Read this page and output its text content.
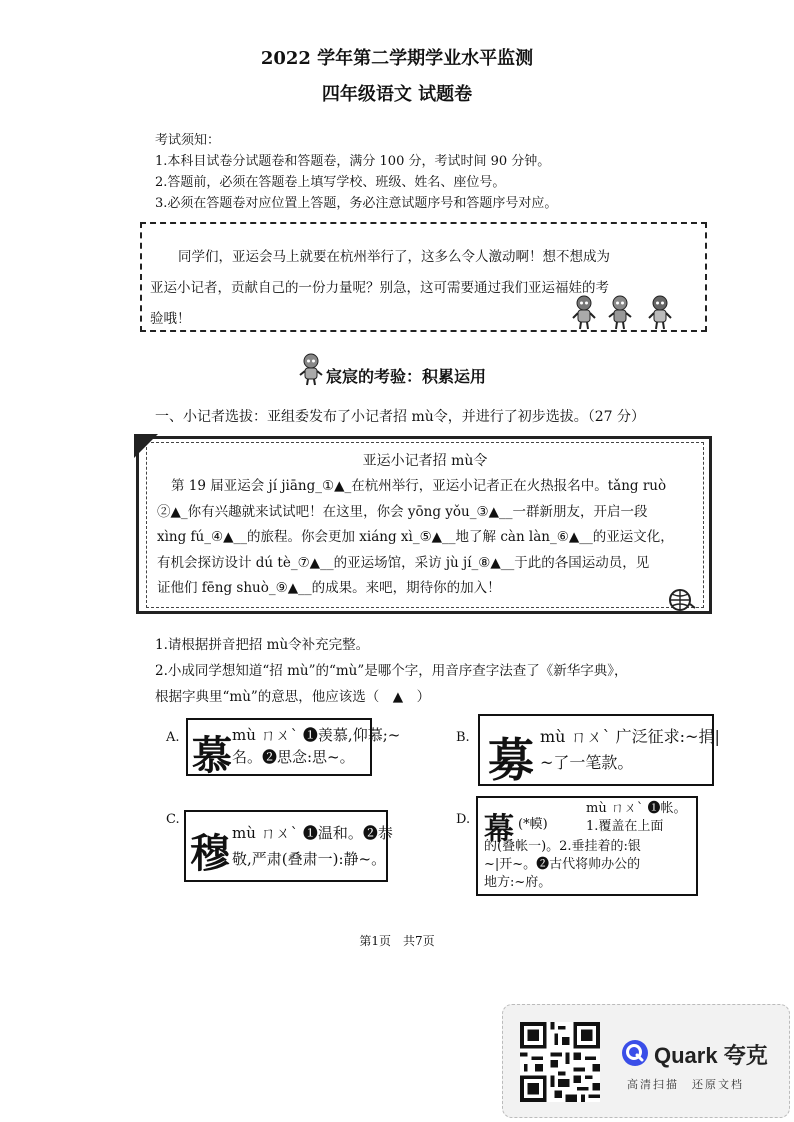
2022 学年第二学期学业水平监测
四年级语文 试题卷
考试须知：
1.本科目试卷分试题卷和答题卷，满分 100 分，考试时间 90 分钟。
2.答题前，必须在答题卷上填写学校、班级、姓名、座位号。
3.必须在答题卷对应位置上答题，务必注意试题序号和答题序号对应。
同学们，亚运会马上就要在杭州举行了，这多么令人激动啊！想不想成为
亚运小记者，贡献自己的一份力量呢？别急，这可需要通过我们亚运福娃的考
验哦！
宸宸的考验：积累运用
一、小记者选拔：亚组委发布了小记者招 mù令，并进行了初步选拔。（27 分）
亚运小记者招 mù令
第 19 届亚运会 jí jiāng_①▲_在杭州举行，亚运小记者正在火热报名中。tǎng ruò
②▲_你有兴趣就来试试吧！在这里，你会 yōng yǒu_③▲__一群新朋友，开启一段
xìng fú_④▲__的旅程。你会更加 xiáng xì_⑤▲__地了解 càn làn_⑥▲__的亚运文化，
有机会探访设计 dú tè_⑦▲__的亚运场馆，采访 jù jí_⑧▲__于此的各国运动员，见
证他们 fēng shuò_⑨▲__的成果。来吧，期待你的加入！
1.请根据拼音把招 mù令补充完整。
2.小成同学想知道“招 mù”的“mù”是哪个字，用音序查字法查了《新华字典》，
根据字典里“mù”的意思，他应该选（　▲　）
A. 慕 mù ㄇㄨˋ ❶羡慕,仰慕;~
名。❷思念:思~。
B. 募 mù ㄇㄨˋ 广泛征求:~捐|
~了一笔款。
C.
穆 mù ㄇㄨˋ ❶温和。❷恭
敬,严肃(叠肃一):静~。
D. 幕 (*幙)
mù ㄇㄨˋ ❶帐。
1.覆盖在上面
的(叠帐一)。2.垂挂着的:银
~|开~。❷古代将帅办公的
地方:~府。
第1页　共7页
Quark 夸克
高清扫描　还原文档
